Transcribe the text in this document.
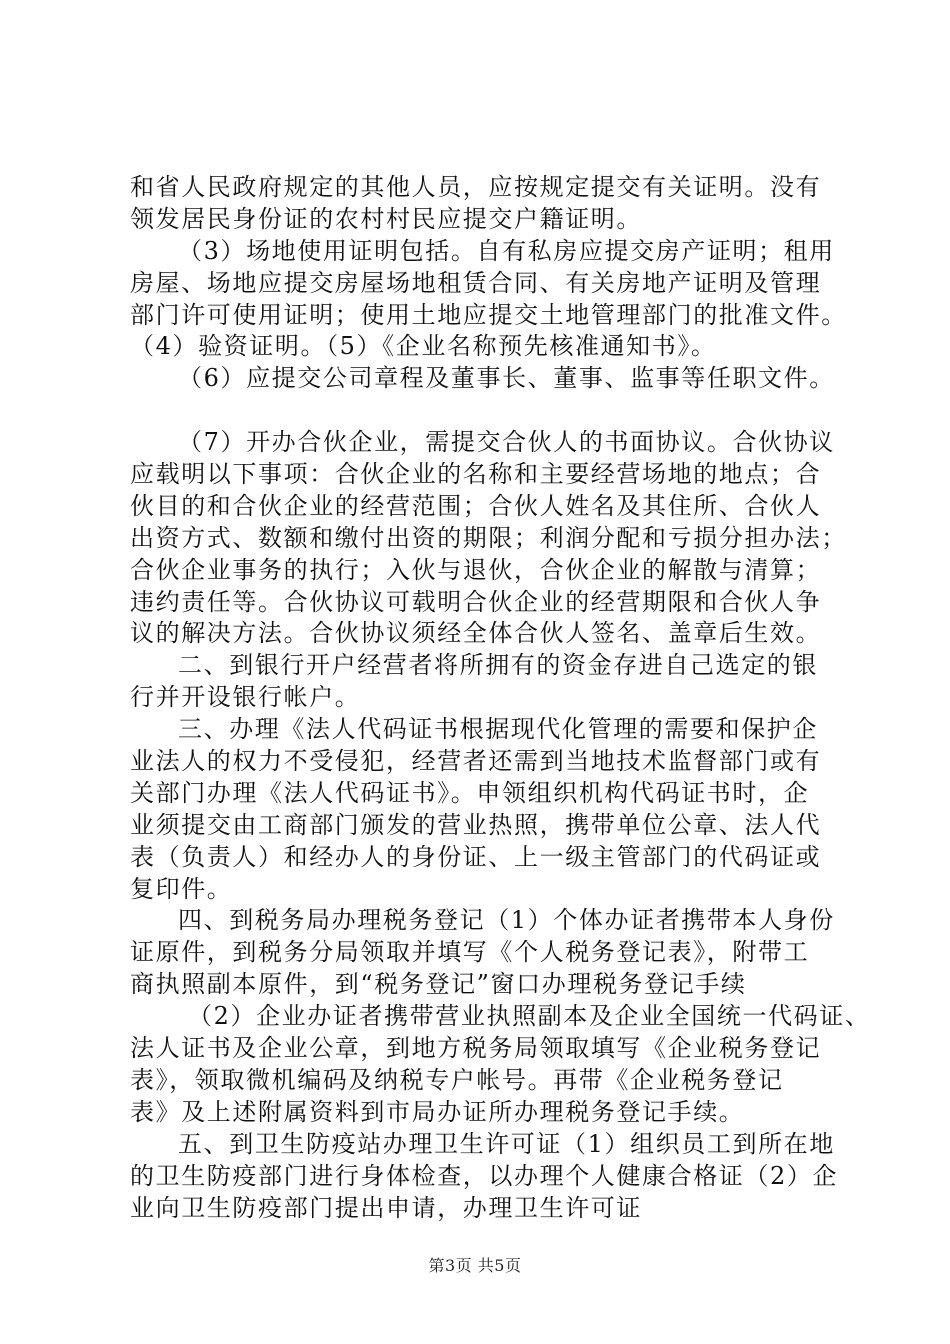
和省人民政府规定的其他人员，应按规定提交有关证明。没有
领发居民身份证的农村村民应提交户籍证明。
（3）场地使用证明包括。自有私房应提交房产证明；租用
房屋、场地应提交房屋场地租赁合同、有关房地产证明及管理
部门许可使用证明；使用土地应提交土地管理部门的批准文件。
（4）验资证明。（5）《企业名称预先核准通知书》。
（6）应提交公司章程及董事长、董事、监事等任职文件。
（7）开办合伙企业，需提交合伙人的书面协议。合伙协议
应载明以下事项：合伙企业的名称和主要经营场地的地点；合
伙目的和合伙企业的经营范围；合伙人姓名及其住所、合伙人
出资方式、数额和缴付出资的期限；利润分配和亏损分担办法；
合伙企业事务的执行；入伙与退伙，合伙企业的解散与清算；
违约责任等。合伙协议可载明合伙企业的经营期限和合伙人争
议的解决方法。合伙协议须经全体合伙人签名、盖章后生效。
二、到银行开户经营者将所拥有的资金存进自己选定的银
行并开设银行帐户。
三、办理《法人代码证书根据现代化管理的需要和保护企
业法人的权力不受侵犯，经营者还需到当地技术监督部门或有
关部门办理《法人代码证书》。申领组织机构代码证书时，企
业须提交由工商部门颁发的营业热照，携带单位公章、法人代
表（负责人）和经办人的身份证、上一级主管部门的代码证或
复印件。
四、到税务局办理税务登记（1）个体办证者携带本人身份
证原件，到税务分局领取并填写《个人税务登记表》，附带工
商执照副本原件，到“税务登记”窗口办理税务登记手续
（2）企业办证者携带营业执照副本及企业全国统一代码证、
法人证书及企业公章，到地方税务局领取填写《企业税务登记
表》，领取微机编码及纳税专户帐号。再带《企业税务登记
表》及上述附属资料到市局办证所办理税务登记手续。
五、到卫生防疫站办理卫生许可证（1）组织员工到所在地
的卫生防疫部门进行身体检查，以办理个人健康合格证（2）企
业向卫生防疫部门提出申请，办理卫生许可证
第3页 共5页
